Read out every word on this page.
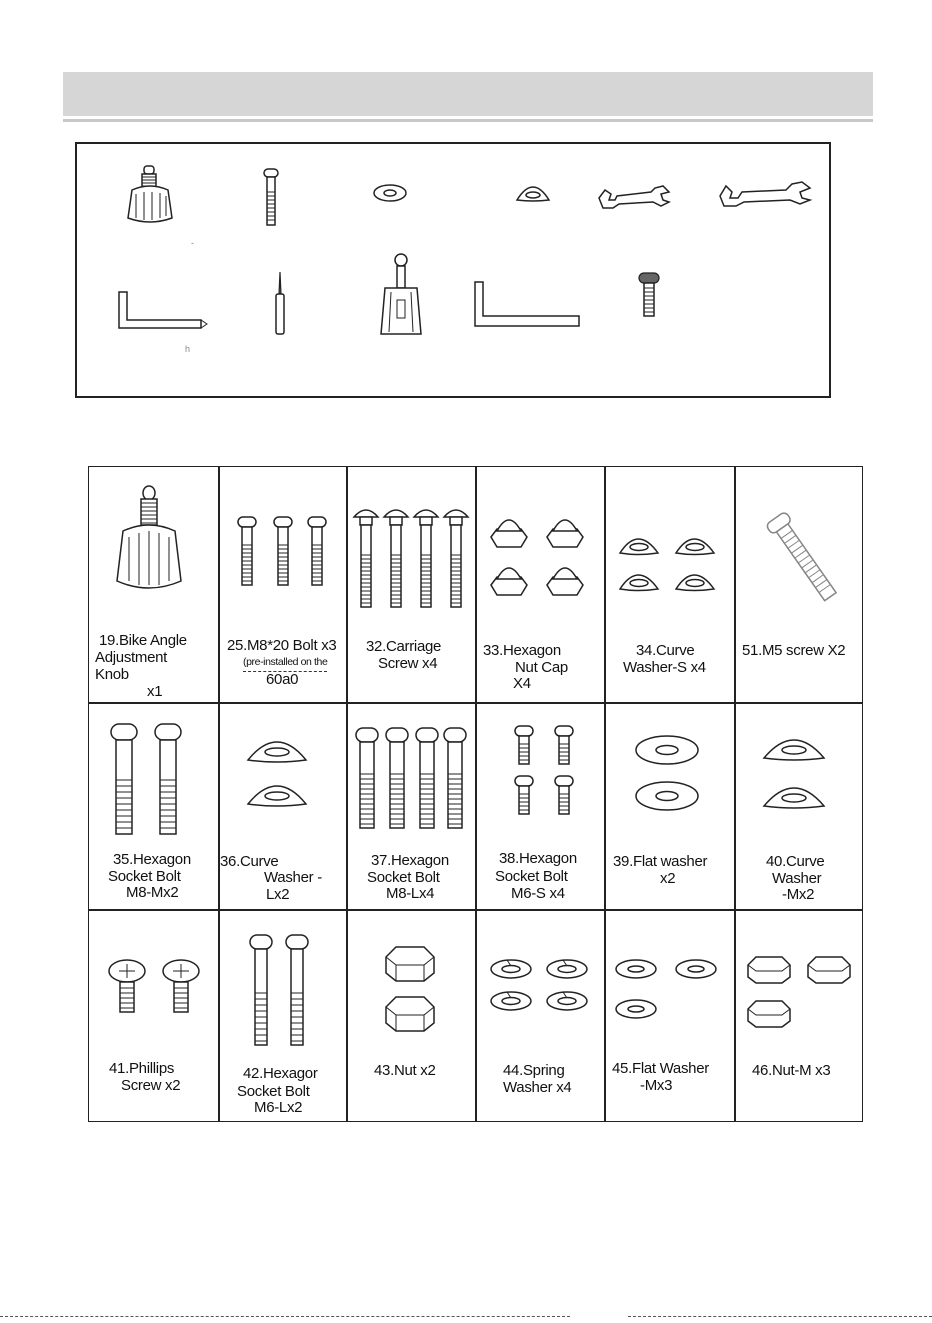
-
h
19.Bike Angle
Adjustment
Knob
x1
25.M8*20 Bolt x3
(pre-installed on the
60a0
32.Carriage
Screw x4
33.Hexagon
Nut Cap
X4
34.Curve
Washer-S x4
51.M5 screw X2
35.Hexagon
Socket Bolt
M8-Mx2
36.Curve
Washer -
Lx2
37.Hexagon
Socket Bolt
M8-Lx4
38.Hexagon
Socket Bolt
M6-S x4
39.Flat washer
x2
40.Curve
Washer
-Mx2
41.Phillips
Screw x2
42.Hexagor
Socket Bolt
M6-Lx2
43.Nut x2	44.Spring
Washer x4
45.Flat Washer
-Mx3
46.Nut-M x3
